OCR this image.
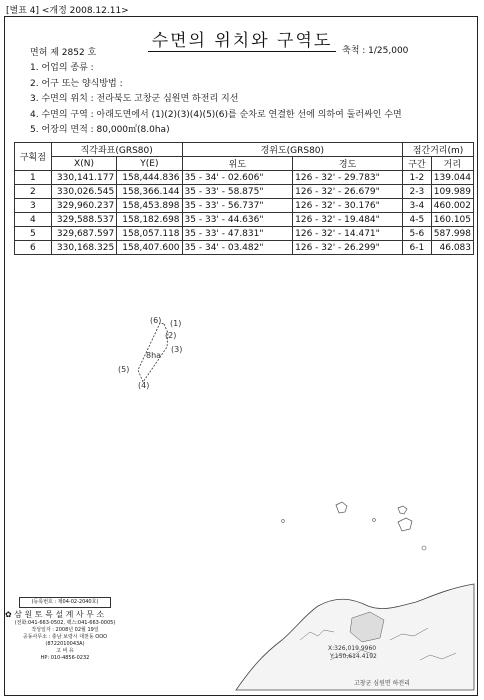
[별표 4] <개정 2008.12.11>
수면의 위치와 구역도
면허 제 2852 호	축척 : 1/25,000
1. 어업의 종류 :
2. 어구 또는 양식방법 :
3. 수면의 위치 : 전라북도 고창군 심원면 하전리 지선
4. 수면의 구역 : 아래도면에서 (1)(2)(3)(4)(5)(6)를 순차로 연결한 선에 의하여 둘러싸인 수면
5. 어장의 면적 : 80,000㎡(8.0ha)
구획점	직각좌표(GRS80)		경위도(GRS80)		점간거리(m)	
	X(N)	Y(E)	위도	경도	구간	거리
1	330,141.177	158,444.836	35 - 34' - 02.606"	126 - 32' - 29.783"	1-2	139.044
2	330,026.545	158,366.144	35 - 33' - 58.875"	126 - 32' - 26.679"	2-3	109.989
3	329,960.237	158,453.898	35 - 33' - 56.737"	126 - 32' - 30.176"	3-4	460.002
4	329,588.537	158,182.698	35 - 33' - 44.636"	126 - 32' - 19.484"	4-5	160.105
5	329,687.597	158,057.118	35 - 33' - 47.831"	126 - 32' - 14.471"	5-6	587.998
6	330,168.325	158,407.600	35 - 34' - 03.482"	126 - 32' - 26.299"	6-1	46.083
(6) (1)
(2)
(3)
8ha
(5)
(4)
X:326,019.9960
Y:150,614.4192
고창군 심원면 하전리
(등록번호 : 제04-02-2040호)
✿ 삼 원 토 목 설 계 사 무 소
(전화:041-663-0502, 팩스:041-663-0005)
작성일자 : 2008년 02월 19일
공동사무소 : 충남 보령시 대천동 OOO
(8722010043A)
고 비 유
HP: 010-4856-0232
